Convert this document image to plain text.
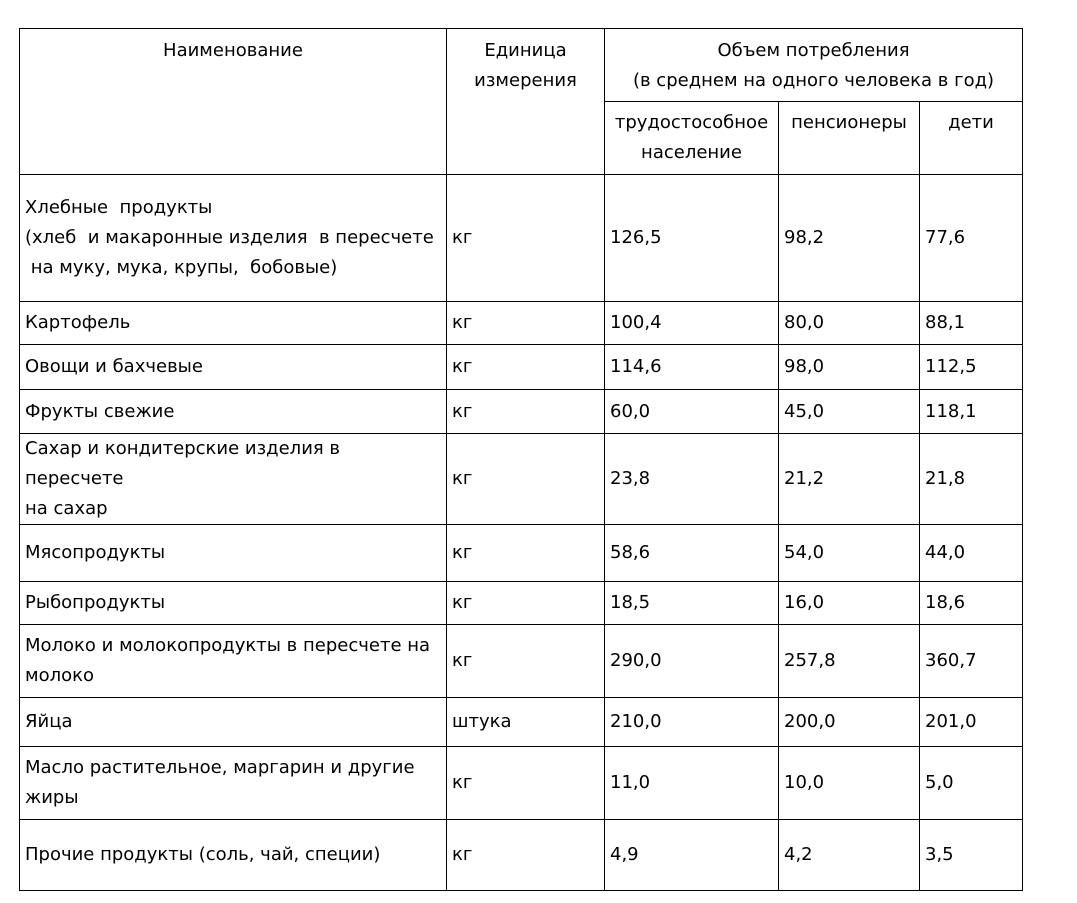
Наименование	Единица измерения	Объем потребления
(в среднем на одного человека в год)		

		трудостособное население	пенсионеры	дети

Хлебные  продукты
(хлеб  и макаронные изделия  в пересчете
на муку, мука, крупы,  бобовые)	кг	126,5	98,2	77,6

Картофель	кг	100,4	80,0	88,1

Овощи и бахчевые	кг	114,6	98,0	112,5

Фрукты свежие	кг	60,0	45,0	118,1

Сахар и кондитерские изделия в пересчете
на сахар	кг	23,8	21,2	21,8

Мясопродукты	кг	58,6	54,0	44,0

Рыбопродукты	кг	18,5	16,0	18,6

Молоко и молокопродукты в пересчете на
молоко	кг	290,0	257,8	360,7

Яйца	штука	210,0	200,0	201,0

Масло растительное, маргарин и другие
жиры	кг	11,0	10,0	5,0

Прочие продукты (соль, чай, специи)	кг	4,9	4,2	3,5
